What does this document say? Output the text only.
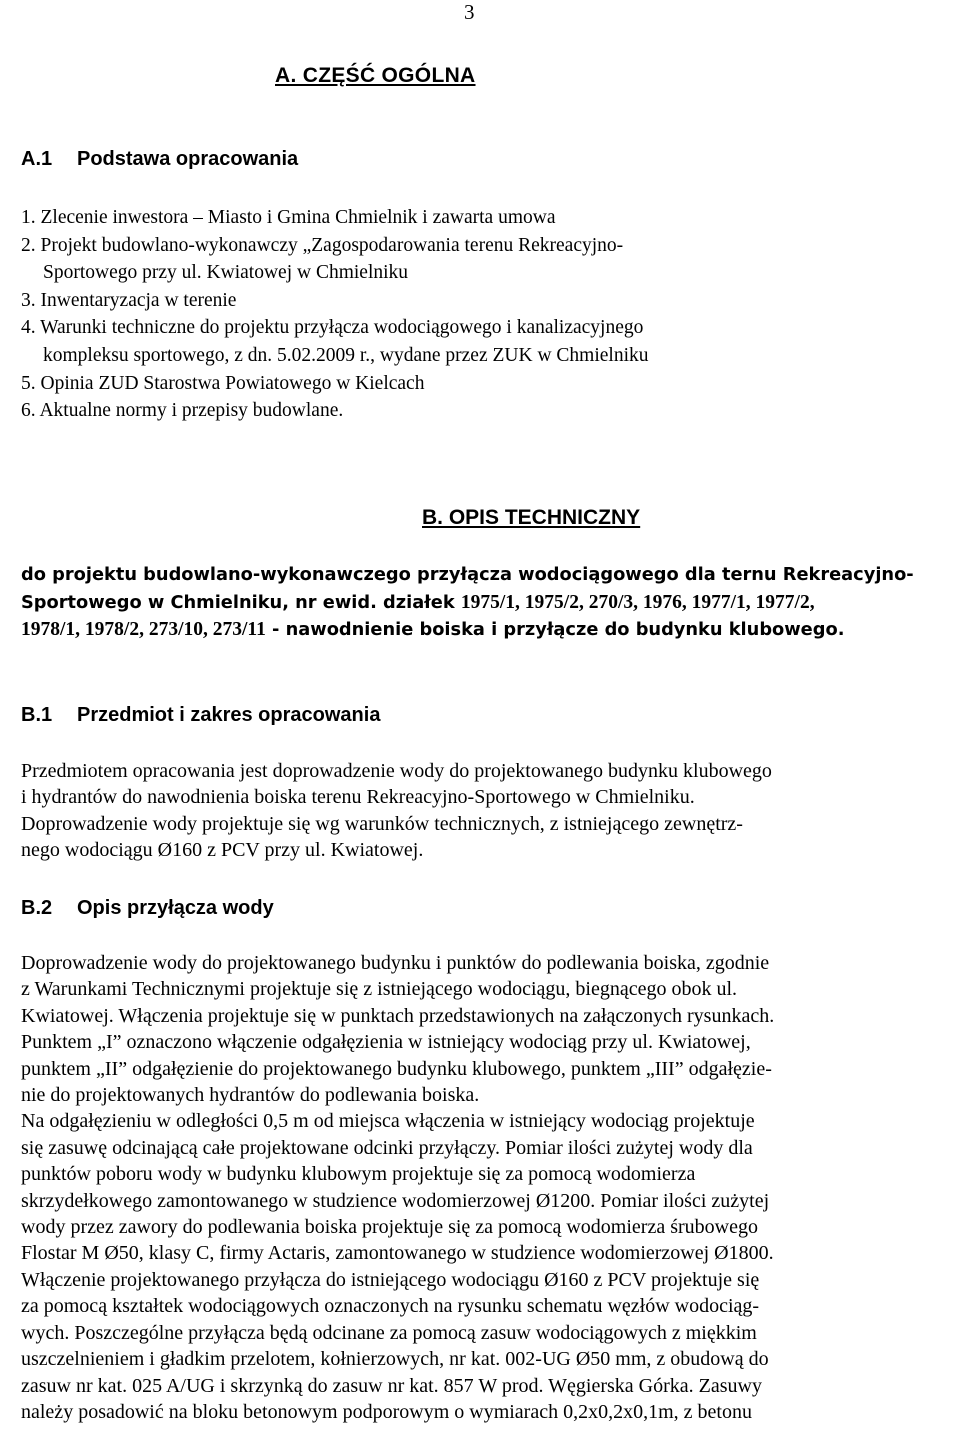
3
A. CZĘŚĆ OGÓLNA
A.1 Podstawa opracowania
1. Zlecenie inwestora – Miasto i Gmina Chmielnik i zawarta umowa
2. Projekt budowlano-wykonawczy „Zagospodarowania terenu Rekreacyjno-
Sportowego przy ul. Kwiatowej w Chmielniku
3. Inwentaryzacja w terenie
4. Warunki techniczne do projektu przyłącza wodociągowego i kanalizacyjnego
kompleksu sportowego, z dn. 5.02.2009 r., wydane przez ZUK w Chmielniku
5. Opinia ZUD Starostwa Powiatowego w Kielcach
6. Aktualne normy i przepisy budowlane.
B. OPIS TECHNICZNY

do projektu budowlano-wykonawczego przyłącza wodociągowego dla ternu Rekreacyjno-
Sportowego w Chmielniku, nr ewid. działek 1975/1, 1975/2, 270/3, 1976, 1977/1, 1977/2,
1978/1, 1978/2, 273/10, 273/11 - nawodnienie boiska i przyłącze do budynku klubowego.

B.1 Przedmiot i zakres opracowania

Przedmiotem opracowania jest doprowadzenie wody do projektowanego budynku klubowego
i hydrantów do nawodnienia boiska terenu Rekreacyjno-Sportowego w Chmielniku.
Doprowadzenie wody projektuje się wg warunków technicznych, z istniejącego zewnętrz-
nego wodociągu Ø160 z PCV przy ul. Kwiatowej.

B.2 Opis przyłącza wody

Doprowadzenie wody do projektowanego budynku i punktów do podlewania boiska, zgodnie
z Warunkami Technicznymi projektuje się z istniejącego wodociągu, biegnącego obok ul.
Kwiatowej. Włączenia projektuje się w punktach przedstawionych na załączonych rysunkach.
Punktem „I” oznaczono włączenie odgałęzienia w istniejący wodociąg przy ul. Kwiatowej,
punktem „II” odgałęzienie do projektowanego budynku klubowego, punktem „III” odgałęzie-
nie do projektowanych hydrantów do podlewania boiska.
Na odgałęzieniu w odległości 0,5 m od miejsca włączenia w istniejący wodociąg projektuje
się zasuwę odcinającą całe projektowane odcinki przyłączy. Pomiar ilości zużytej wody dla
punktów poboru wody w budynku klubowym projektuje się za pomocą wodomierza
skrzydełkowego zamontowanego w studzience wodomierzowej Ø1200. Pomiar ilości zużytej
wody przez zawory do podlewania boiska projektuje się za pomocą wodomierza śrubowego
Flostar M Ø50, klasy C, firmy Actaris, zamontowanego w studzience wodomierzowej Ø1800.
Włączenie projektowanego przyłącza do istniejącego wodociągu Ø160 z PCV projektuje się
za pomocą kształtek wodociągowych oznaczonych na rysunku schematu węzłów wodociąg-
wych. Poszczególne przyłącza będą odcinane za pomocą zasuw wodociągowych z miękkim
uszczelnieniem i gładkim przelotem, kołnierzowych, nr kat. 002-UG Ø50 mm, z obudową do
zasuw nr kat. 025 A/UG i skrzynką do zasuw nr kat. 857 W prod. Węgierska Górka. Zasuwy
należy posadowić na bloku betonowym podporowym o wymiarach 0,2x0,2x0,1m, z betonu
